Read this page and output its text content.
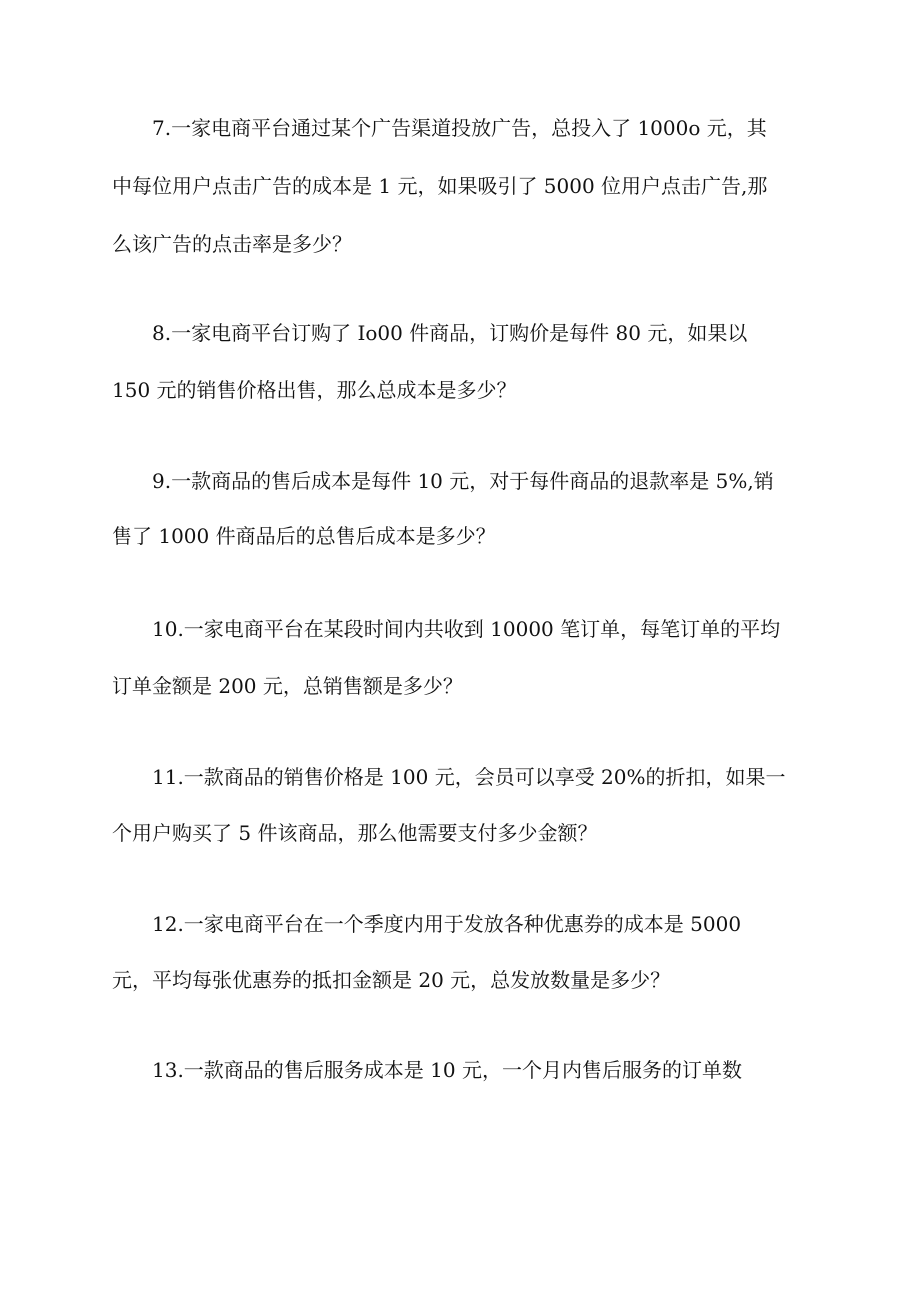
7.一家电商平台通过某个广告渠道投放广告，总投入了 1000o 元，其
中每位用户点击广告的成本是 1 元，如果吸引了 5000 位用户点击广告,那
么该广告的点击率是多少？
8.一家电商平台订购了 Io00 件商品，订购价是每件 80 元，如果以
150 元的销售价格出售，那么总成本是多少？
9.一款商品的售后成本是每件 10 元，对于每件商品的退款率是 5%,销
售了 1000 件商品后的总售后成本是多少？
10.一家电商平台在某段时间内共收到 10000 笔订单，每笔订单的平均
订单金额是 200 元，总销售额是多少？
11.一款商品的销售价格是 100 元，会员可以享受 20%的折扣，如果一
个用户购买了 5 件该商品，那么他需要支付多少金额？
12.一家电商平台在一个季度内用于发放各种优惠券的成本是 5000
元，平均每张优惠券的抵扣金额是 20 元，总发放数量是多少？
13.一款商品的售后服务成本是 10 元，一个月内售后服务的订单数
